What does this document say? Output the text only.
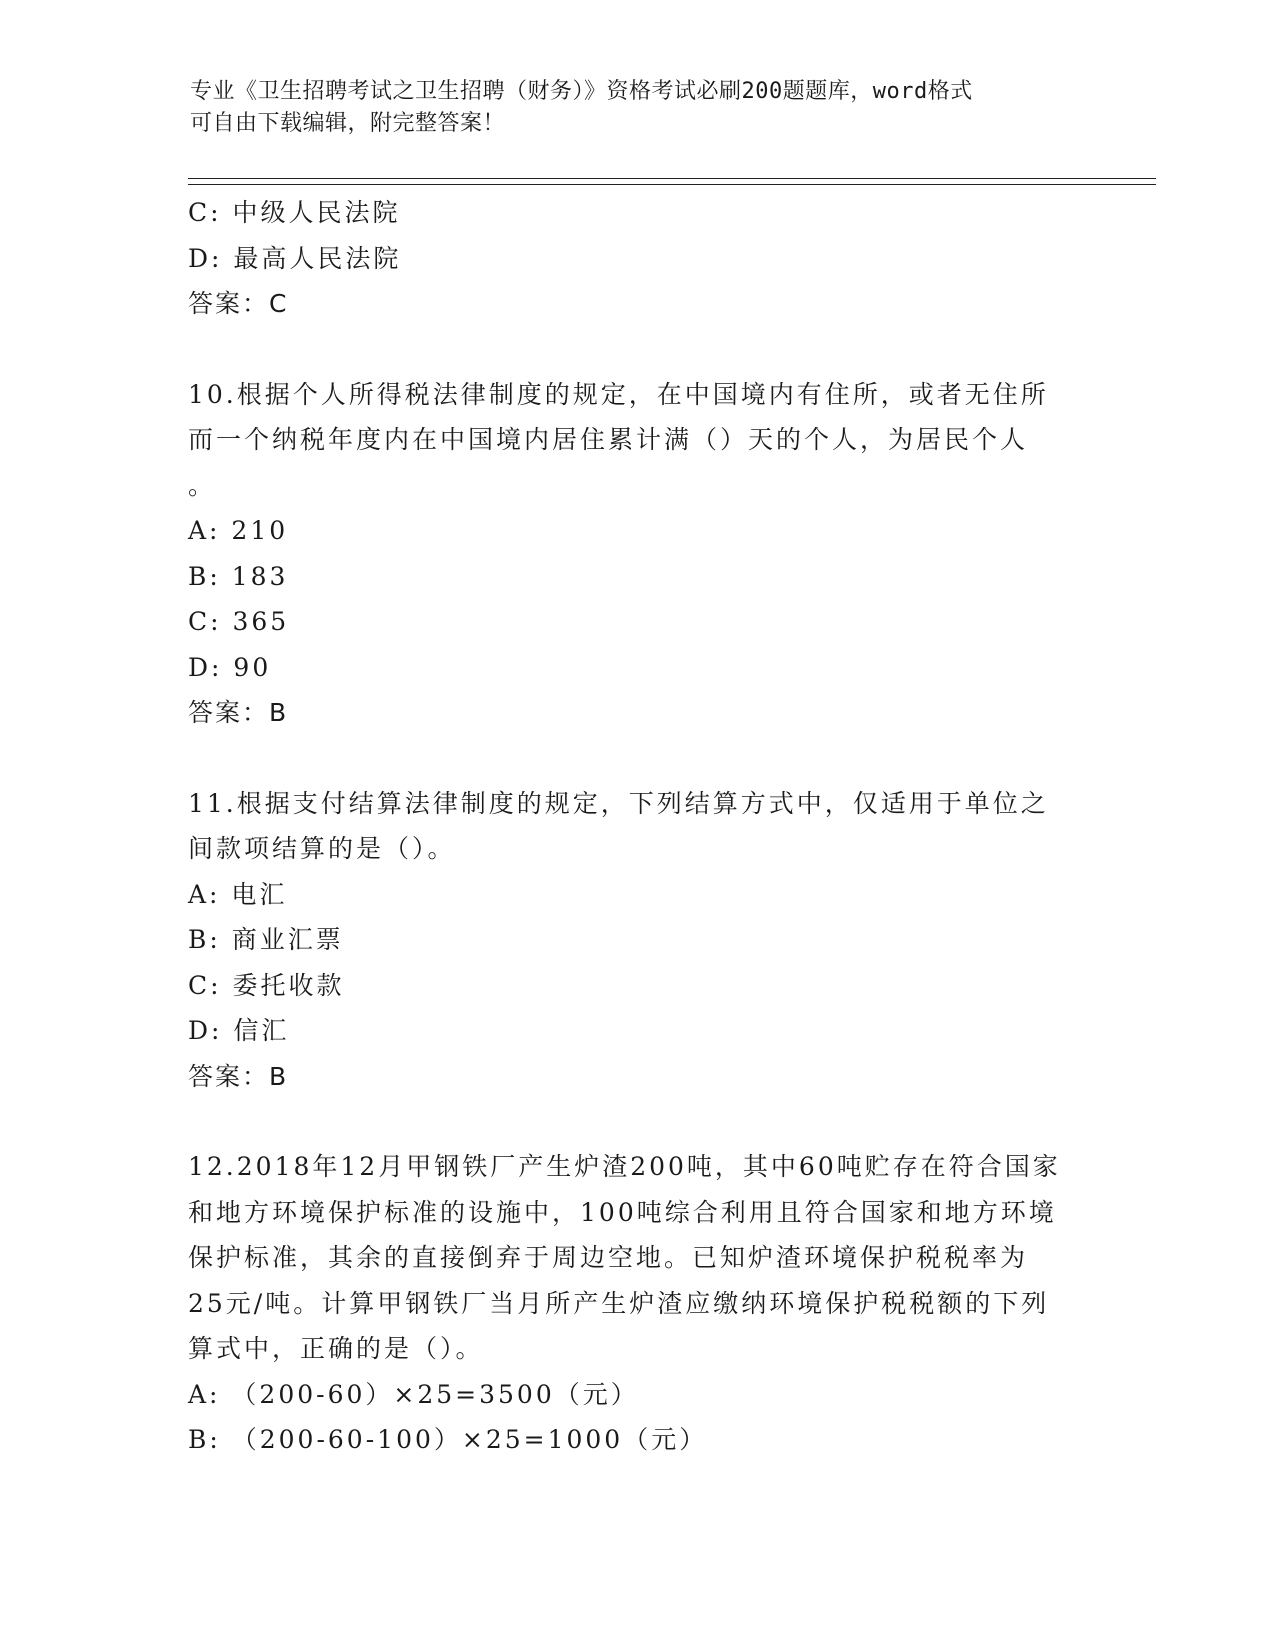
专业《卫生招聘考试之卫生招聘（财务）》资格考试必刷200题题库，word格式
可自由下载编辑，附完整答案！
C: 中级人民法院
D: 最高人民法院
答案：C
10.根据个人所得税法律制度的规定，在中国境内有住所，或者无住所
而一个纳税年度内在中国境内居住累计满（）天的个人，为居民个人
。
A: 210
B: 183
C: 365
D: 90
答案：B
11.根据支付结算法律制度的规定，下列结算方式中，仅适用于单位之
间款项结算的是（）。
A: 电汇
B: 商业汇票
C: 委托收款
D: 信汇
答案：B
12.2018年12月甲钢铁厂产生炉渣200吨，其中60吨贮存在符合国家
和地方环境保护标准的设施中，100吨综合利用且符合国家和地方环境
保护标准，其余的直接倒弃于周边空地。已知炉渣环境保护税税率为
25元/吨。计算甲钢铁厂当月所产生炉渣应缴纳环境保护税税额的下列
算式中，正确的是（）。
A: （200-60）×25=3500（元）
B: （200-60-100）×25=1000（元）
